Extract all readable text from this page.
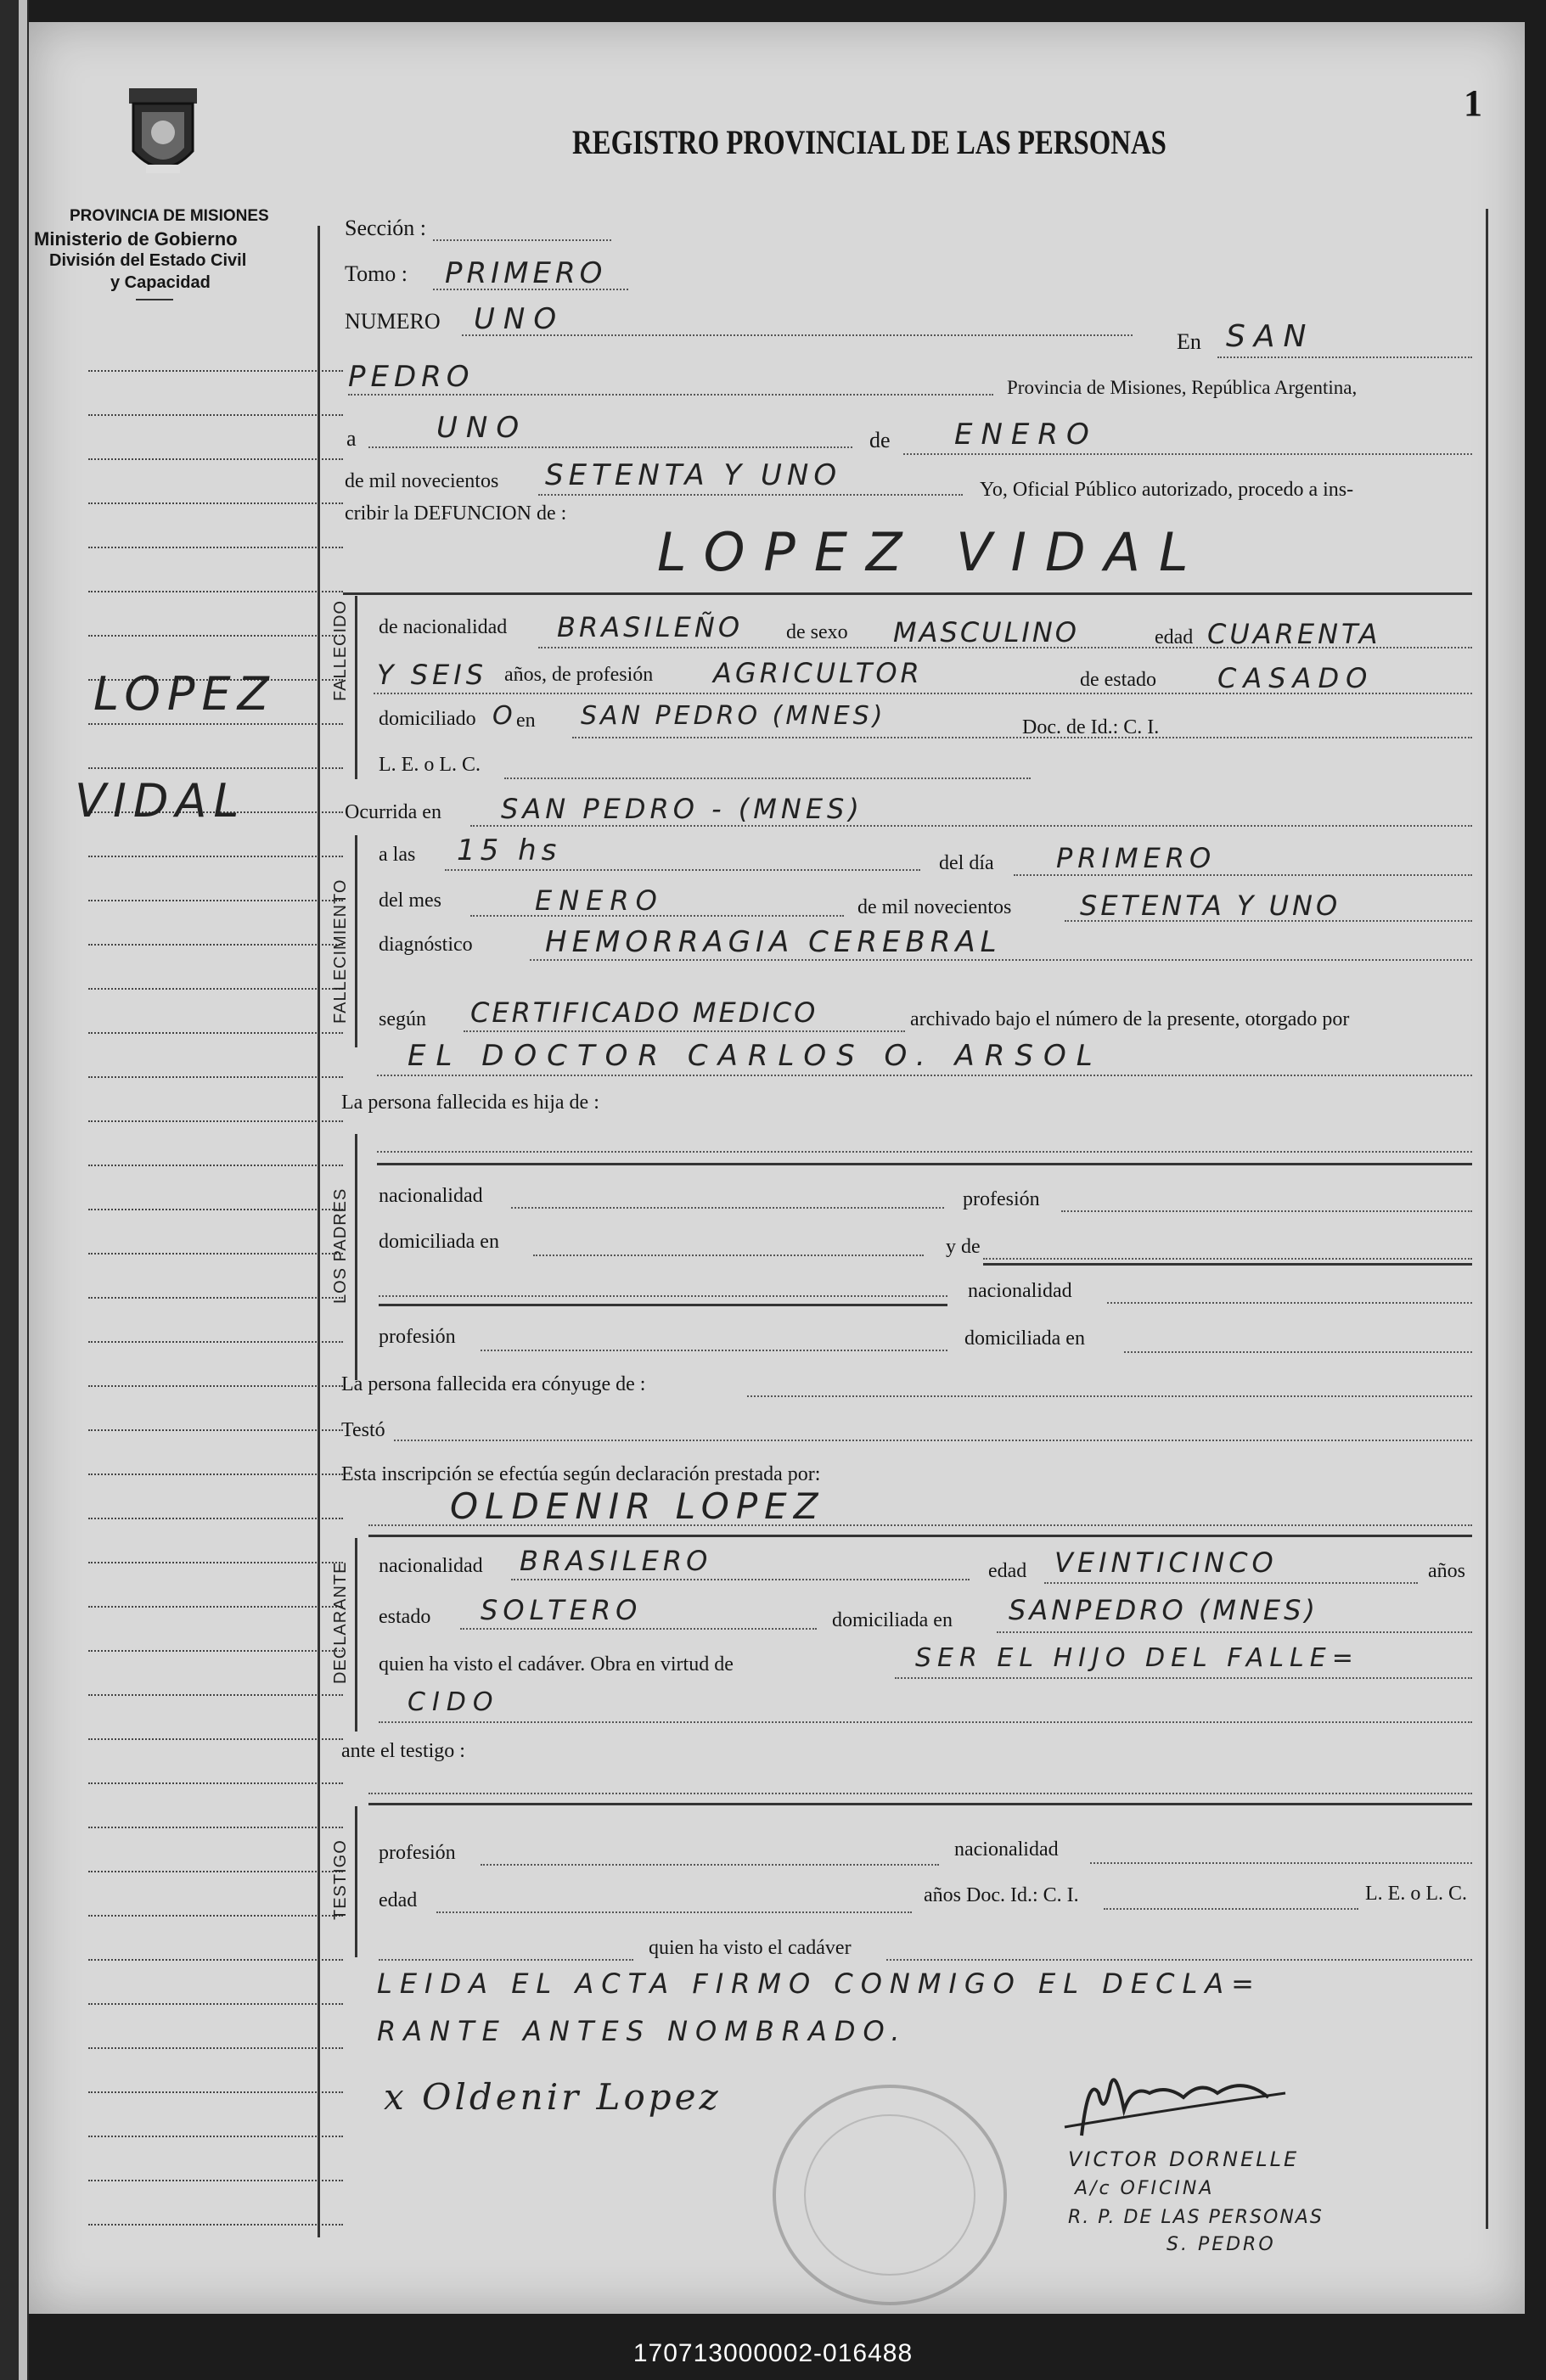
PROVINCIA DE MISIONES
Ministerio de Gobierno
División del Estado Civil
y Capacidad
LOPEZ
VIDAL
REGISTRO PROVINCIAL DE LAS PERSONAS
1
Sección :
Tomo : PRIMERO
NUMERO UNO
En SAN
PEDRO	Provincia de Misiones, República Argentina,
a	UNO	de ENERO
de mil novecientos SETENTA Y UNO	Yo, Oficial Público autorizado, procedo a ins-
cribir la DEFUNCION de :
LOPEZ VIDAL
FALLECIDO de nacionalidad BRASILEÑO de sexo MASCULINO	edad CUARENTA
Y SEIS años, de profesión AGRICULTOR	de estado CASADO
domiciliado O en SAN PEDRO (MNES)	Doc. de Id.: C. I.
L. E. o L. C.
Ocurrida en SAN PEDRO - (MNES)
FALLECIMIENTO
a las 15 hs	del día PRIMERO
del mes	ENERO	de mil novecientos	SETENTA Y UNO
diagnóstico	HEMORRAGIA CEREBRAL
según CERTIFICADO MEDICO	archivado bajo el número de la presente, otorgado por
EL DOCTOR CARLOS O. ARSOL
La persona fallecida es hija de :
LOS PADRES nacionalidad	profesión
domiciliada en	y de
nacionalidad
profesión	domiciliada en
La persona fallecida era cónyuge de :
Testó
Esta inscripción se efectúa según declaración prestada por:
OLDENIR LOPEZ
DECLARANTE nacionalidad BRASILERO	edad VEINTICINCO	años
estado SOLTERO	domiciliada en SANPEDRO (MNES)
quien ha visto el cadáver. Obra en virtud de	SER EL HIJO DEL FALLE=
CIDO
ante el testigo :
TESTIGO profesión	nacionalidad
edad	años Doc. Id.: C. I.	L. E. o L. C.
quien ha visto el cadáver
LEIDA EL ACTA FIRMO CONMIGO EL DECLA=
RANTE ANTES NOMBRADO.
x Oldenir Lopez
VICTOR DORNELLE
A/c OFICINA
R. P. DE LAS PERSONAS
S. PEDRO
170713000002-016488
